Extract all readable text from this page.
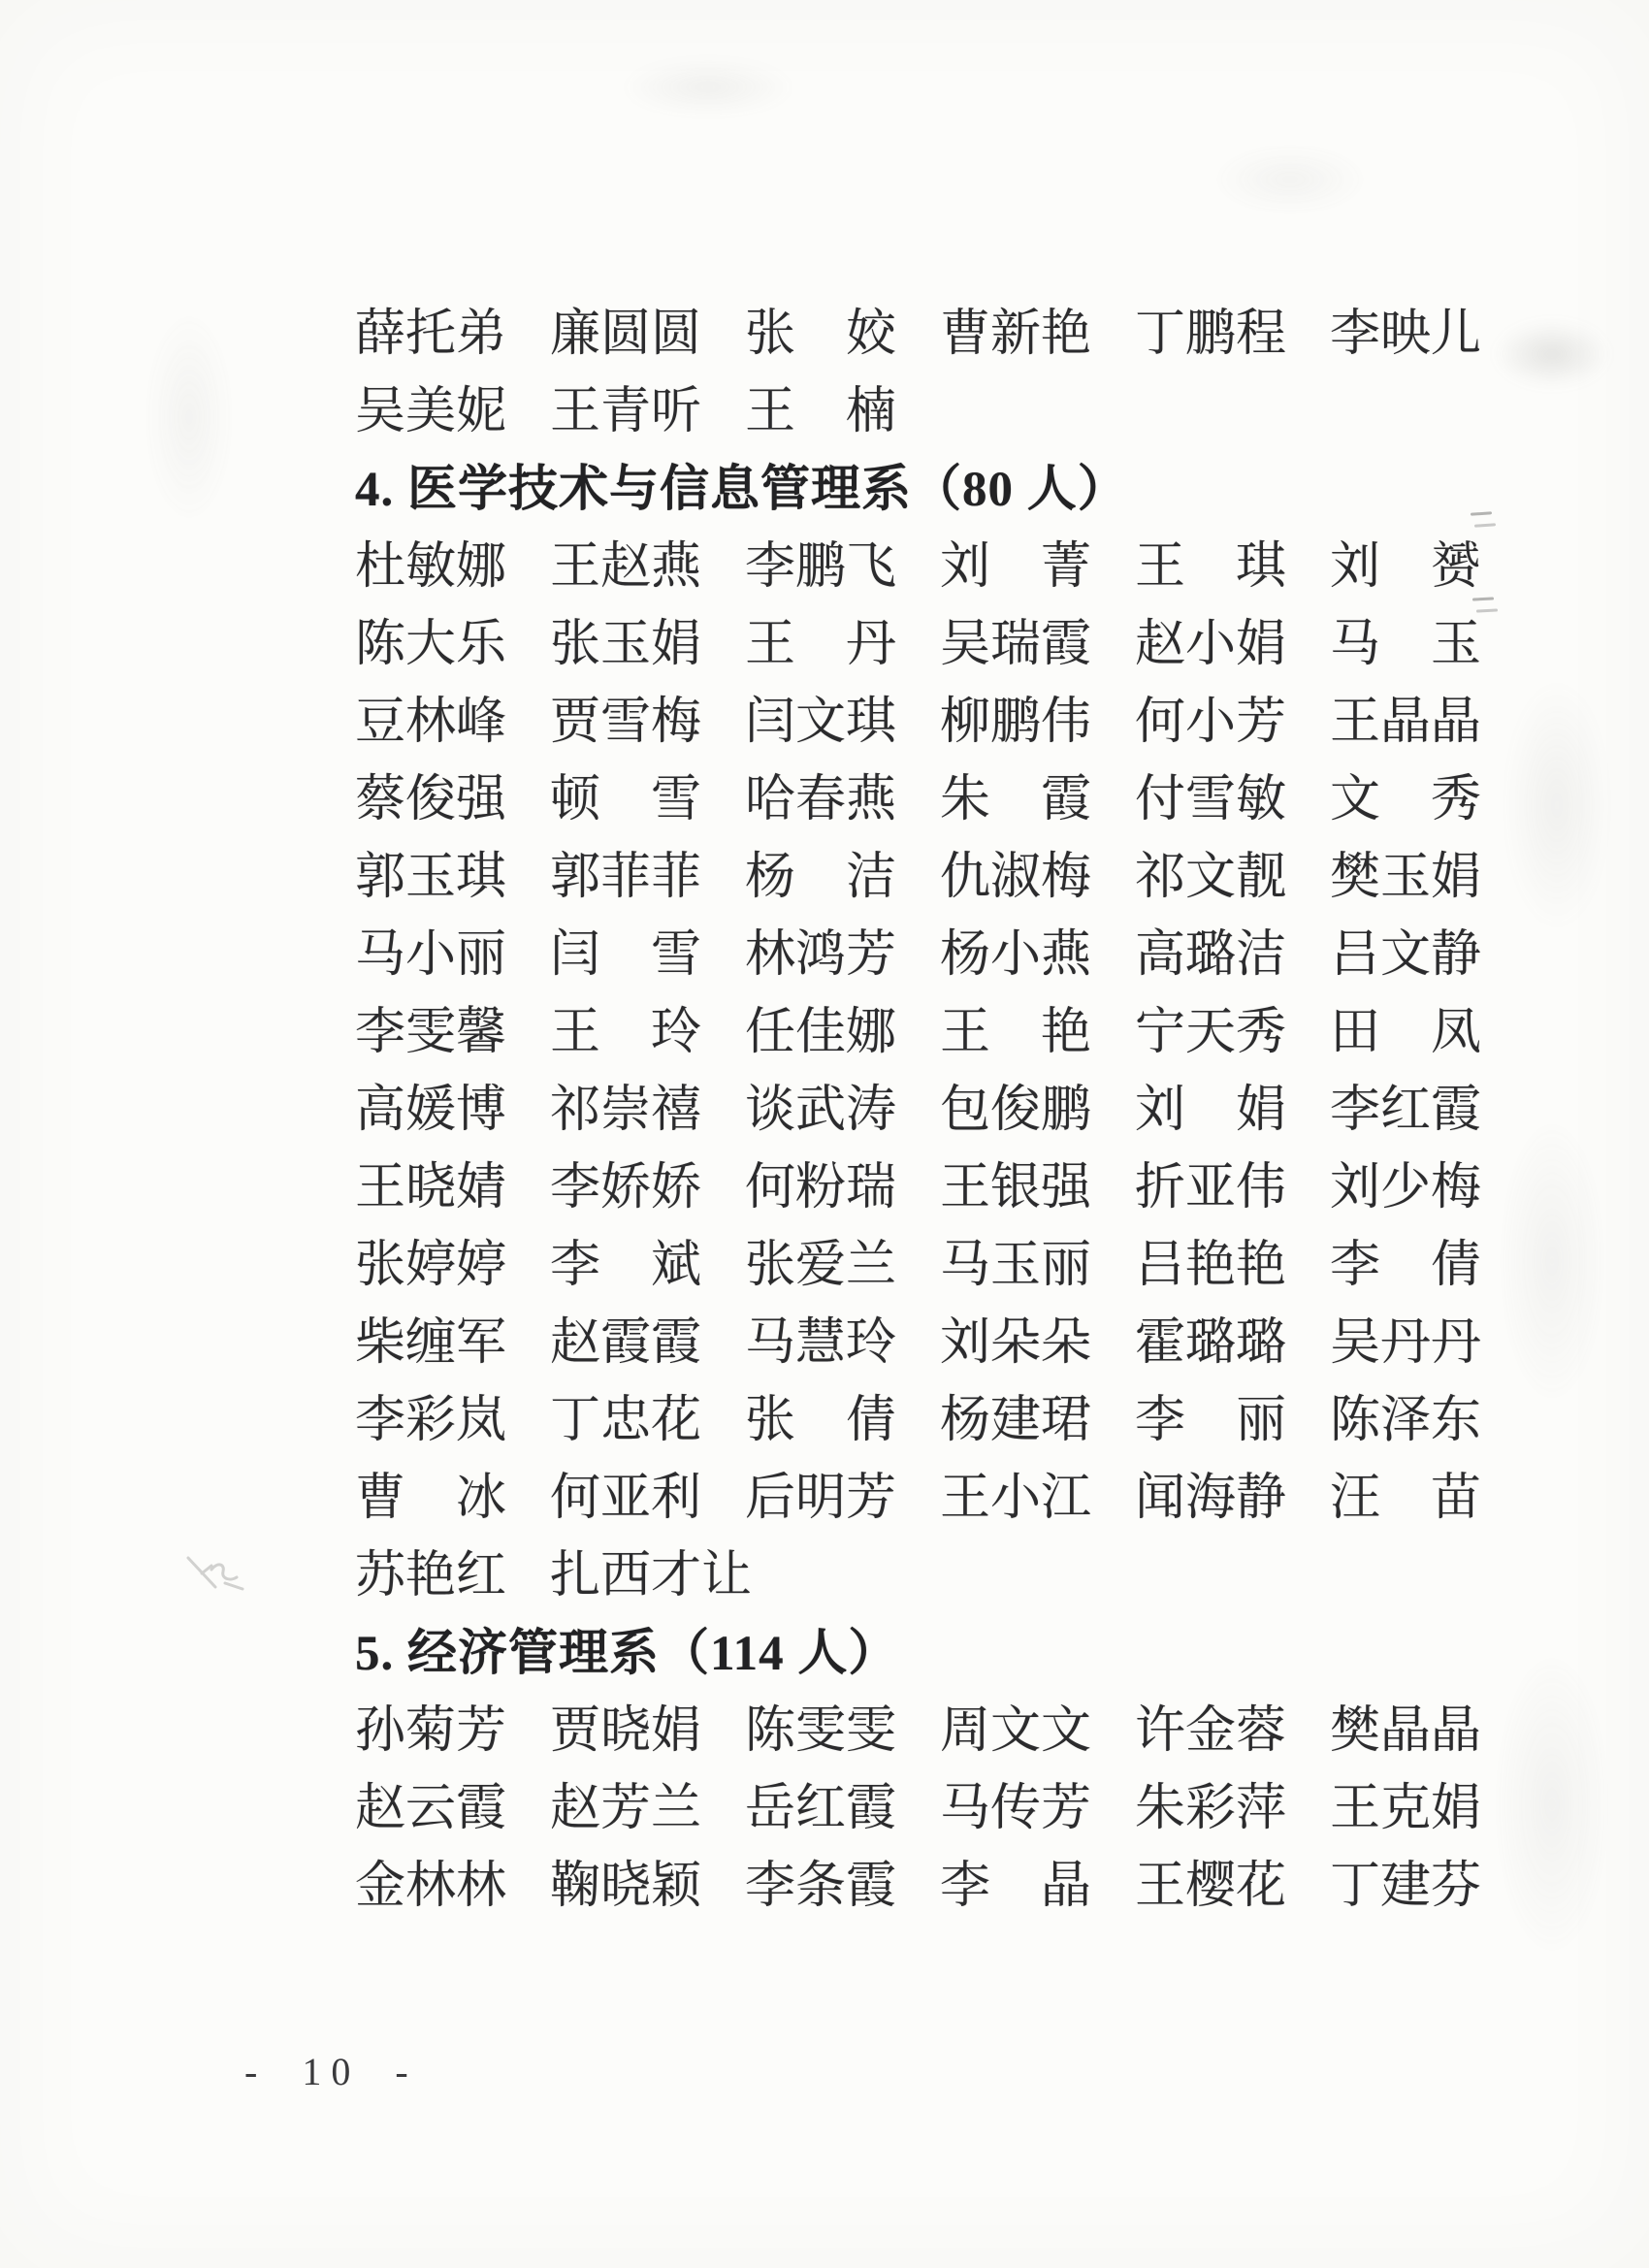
薛托弟 廉圆圆 张　姣 曹新艳 丁鹏程 李映儿
吴美妮 王青听 王　楠
4. 医学技术与信息管理系（80 人）
杜敏娜 王赵燕 李鹏飞 刘　菁 王　琪 刘　赟
陈大乐 张玉娟 王　丹 吴瑞霞 赵小娟 马　玉
豆林峰 贾雪梅 闫文琪 柳鹏伟 何小芳 王晶晶
蔡俊强 顿　雪 哈春燕 朱　霞 付雪敏 文　秀
郭玉琪 郭菲菲 杨　洁 仇淑梅 祁文靓 樊玉娟
马小丽 闫　雪 林鸿芳 杨小燕 高璐洁 吕文静
李雯馨 王　玲 任佳娜 王　艳 宁天秀 田　凤
高媛博 祁崇禧 谈武涛 包俊鹏 刘　娟 李红霞
王晓婧 李娇娇 何粉瑞 王银强 折亚伟 刘少梅
张婷婷 李　斌 张爱兰 马玉丽 吕艳艳 李　倩
柴缠军 赵霞霞 马慧玲 刘朵朵 霍璐璐 吴丹丹
李彩岚 丁忠花 张　倩 杨建珺 李　丽 陈泽东
曹　冰 何亚利 后明芳 王小江 闻海静 汪　苗
苏艳红 扎西才让
5. 经济管理系（114 人）
孙菊芳 贾晓娟 陈雯雯 周文文 许金蓉 樊晶晶
赵云霞 赵芳兰 岳红霞 马传芳 朱彩萍 王克娟
金林林 鞠晓颖 李条霞 李　晶 王樱花 丁建芬
- 10 -
